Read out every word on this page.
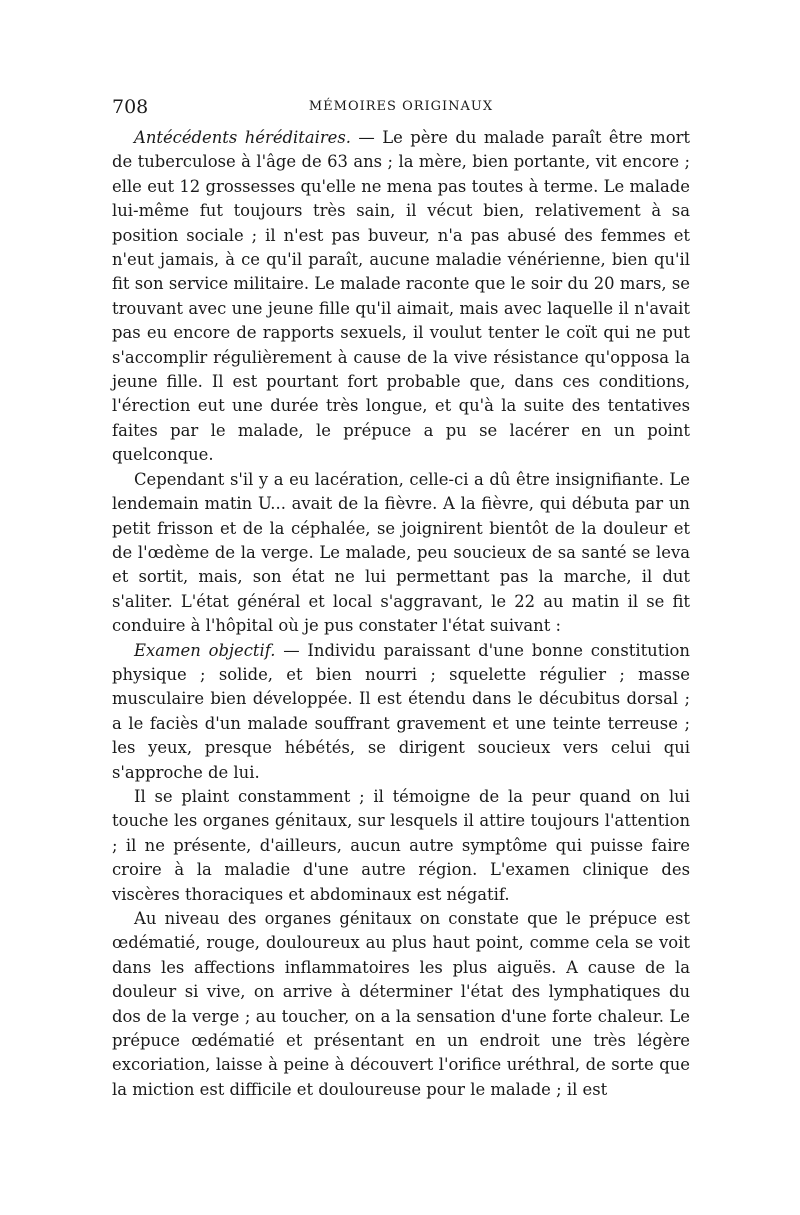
708	MÉMOIRES ORIGINAUX

Antécédents héréditaires. — Le père du malade paraît être mort de tuberculose à l'âge de 63 ans ; la mère, bien portante, vit encore ; elle eut 12 grossesses qu'elle ne mena pas toutes à terme. Le malade lui-même fut toujours très sain, il vécut bien, relativement à sa position sociale ; il n'est pas buveur, n'a pas abusé des femmes et n'eut jamais, à ce qu'il paraît, aucune maladie vénérienne, bien qu'il fit son service militaire. Le malade raconte que le soir du 20 mars, se trouvant avec une jeune fille qu'il aimait, mais avec laquelle il n'avait pas eu encore de rapports sexuels, il voulut tenter le coït qui ne put s'accomplir régulièrement à cause de la vive résistance qu'opposa la jeune fille. Il est pourtant fort probable que, dans ces conditions, l'érection eut une durée très longue, et qu'à la suite des tentatives faites par le malade, le prépuce a pu se lacérer en un point quelconque.

Cependant s'il y a eu lacération, celle-ci a dû être insignifiante. Le lendemain matin U... avait de la fièvre. A la fièvre, qui débuta par un petit frisson et de la céphalée, se joignirent bientôt de la douleur et de l'œdème de la verge. Le malade, peu soucieux de sa santé se leva et sortit, mais, son état ne lui permettant pas la marche, il dut s'aliter. L'état général et local s'aggravant, le 22 au matin il se fit conduire à l'hôpital où je pus constater l'état suivant :

Examen objectif. — Individu paraissant d'une bonne constitution physique ; solide, et bien nourri ; squelette régulier ; masse musculaire bien développée. Il est étendu dans le décubitus dorsal ; a le faciès d'un malade souffrant gravement et une teinte terreuse ; les yeux, presque hébétés, se dirigent soucieux vers celui qui s'approche de lui.

Il se plaint constamment ; il témoigne de la peur quand on lui touche les organes génitaux, sur lesquels il attire toujours l'attention ; il ne présente, d'ailleurs, aucun autre symptôme qui puisse faire croire à la maladie d'une autre région. L'examen clinique des viscères thoraciques et abdominaux est négatif.

Au niveau des organes génitaux on constate que le prépuce est œdématié, rouge, douloureux au plus haut point, comme cela se voit dans les affections inflammatoires les plus aiguës. A cause de la douleur si vive, on arrive à déterminer l'état des lymphatiques du dos de la verge ; au toucher, on a la sensation d'une forte chaleur. Le prépuce œdématié et présentant en un endroit une très légère excoriation, laisse à peine à découvert l'orifice uréthral, de sorte que la miction est difficile et douloureuse pour le malade ; il est
